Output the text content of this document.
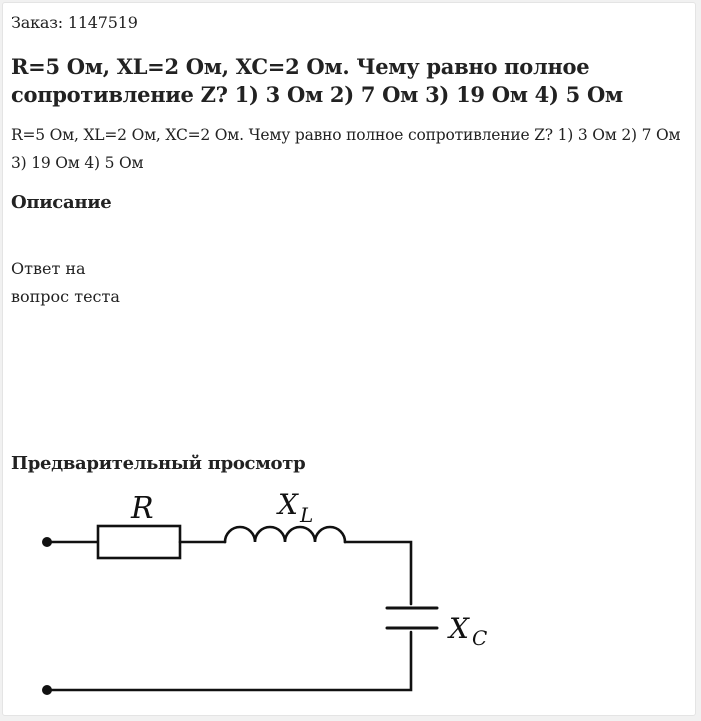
Заказ: 1147519
R=5 Ом, XL=2 Ом, XC=2 Ом. Чему равно полное сопротивление Z? 1) 3 Ом 2) 7 Ом 3) 19 Ом 4) 5 Ом
R=5 Ом, XL=2 Ом, XC=2 Ом. Чему равно полное сопротивление Z? 1) 3 Ом 2) 7 Ом 3) 19 Ом 4) 5 Ом
Описание
Ответ на
вопрос теста
Предварительный просмотр
R	X L
X C
